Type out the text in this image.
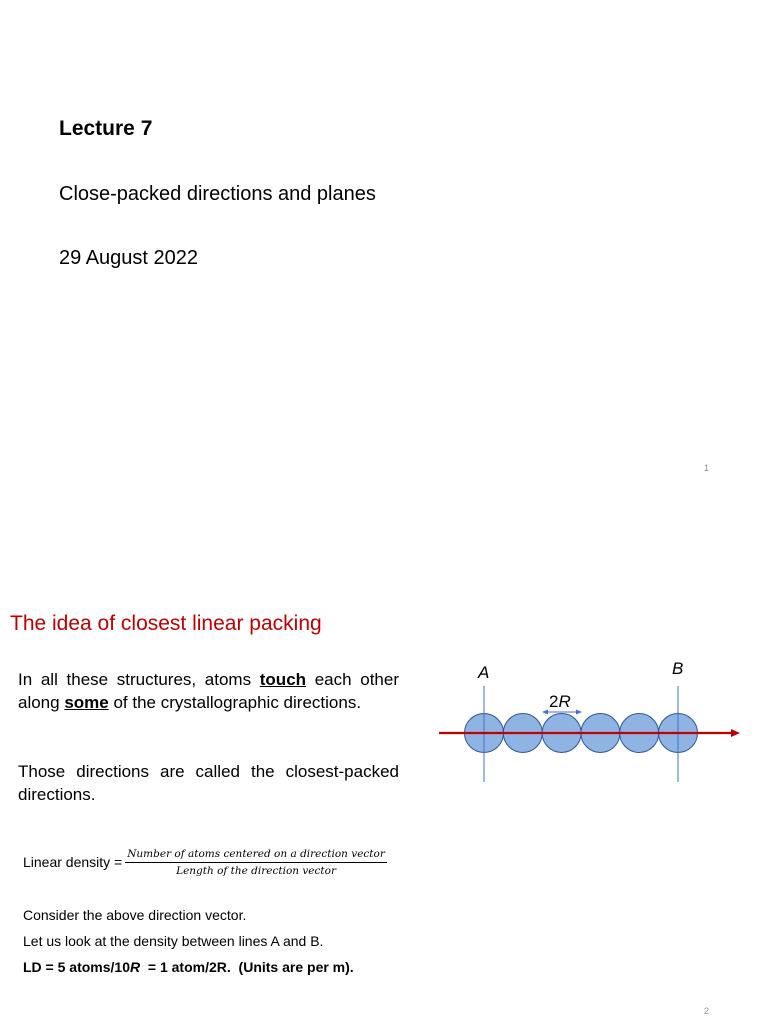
Lecture 7
Close-packed directions and planes
29 August 2022
1
The idea of closest linear packing
In all these structures, atoms touch each other along some of the crystallographic directions.
Those directions are called the closest-packed directions.
Linear density = $\frac{\text{Number of atoms centered on a direction vector}}{\text{Length of the direction vector}}$
Consider the above direction vector.
Let us look at the density between lines A and B.
LD = 5 atoms/10R  = 1 atom/2R.  (Units are per m).
A	B
2R
2
